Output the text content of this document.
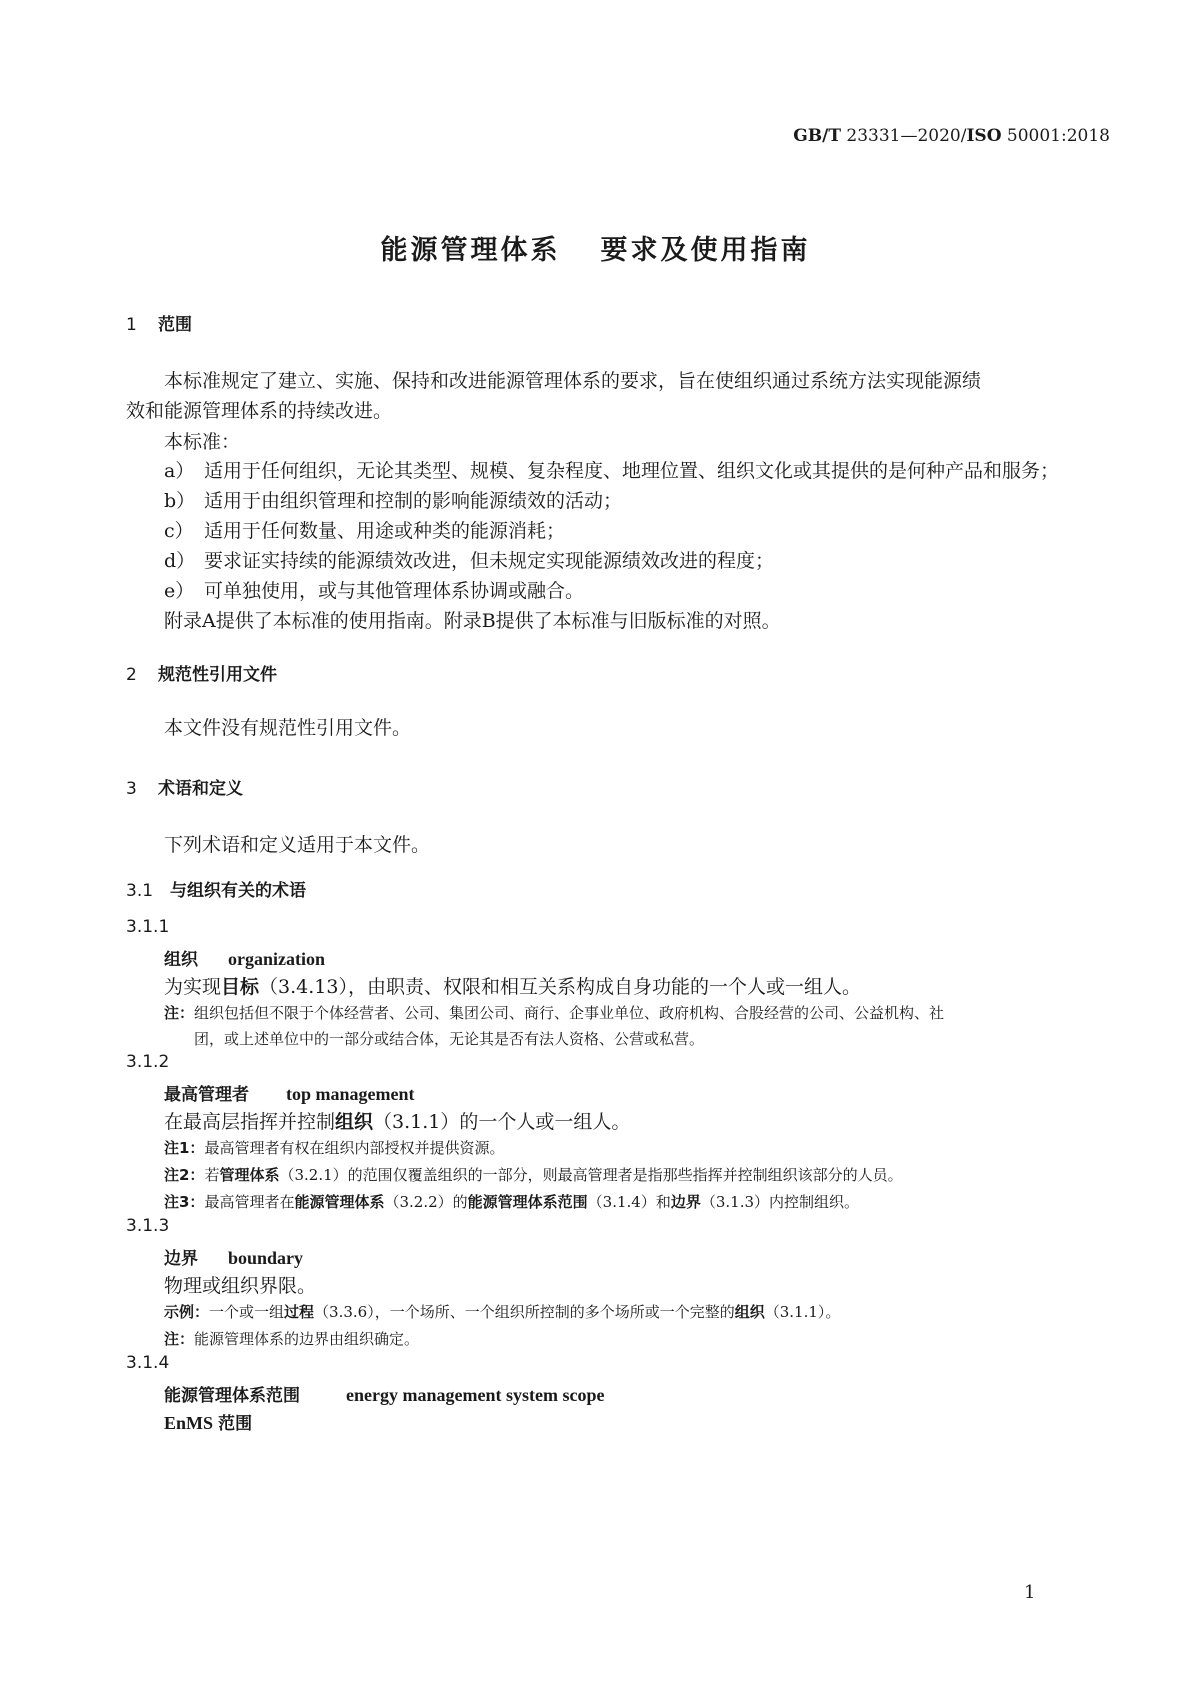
GB/T 23331—2020/ISO 50001:2018
能源管理体系 要求及使用指南
1 范围
本标准规定了建立、实施、保持和改进能源管理体系的要求，旨在使组织通过系统方法实现能源绩
效和能源管理体系的持续改进。
本标准：
a） 适用于任何组织，无论其类型、规模、复杂程度、地理位置、组织文化或其提供的是何种产品和服务；
b） 适用于由组织管理和控制的影响能源绩效的活动；
c） 适用于任何数量、用途或种类的能源消耗；
d） 要求证实持续的能源绩效改进，但未规定实现能源绩效改进的程度；
e） 可单独使用，或与其他管理体系协调或融合。
附录A提供了本标准的使用指南。附录B提供了本标准与旧版标准的对照。
2 规范性引用文件
本文件没有规范性引用文件。
3 术语和定义
下列术语和定义适用于本文件。
3.1 与组织有关的术语
3.1.1
组织 organization
为实现目标（3.4.13），由职责、权限和相互关系构成自身功能的一个人或一组人。
注：组织包括但不限于个体经营者、公司、集团公司、商行、企事业单位、政府机构、合股经营的公司、公益机构、社
团，或上述单位中的一部分或结合体，无论其是否有法人资格、公营或私营。
3.1.2
最高管理者 top management
在最高层指挥并控制组织（3.1.1）的一个人或一组人。
注1：最高管理者有权在组织内部授权并提供资源。
注2：若管理体系（3.2.1）的范围仅覆盖组织的一部分，则最高管理者是指那些指挥并控制组织该部分的人员。
注3：最高管理者在能源管理体系（3.2.2）的能源管理体系范围（3.1.4）和边界（3.1.3）内控制组织。
3.1.3
边界 boundary
物理或组织界限。
示例：一个或一组过程（3.3.6），一个场所、一个组织所控制的多个场所或一个完整的组织（3.1.1）。
注：能源管理体系的边界由组织确定。
3.1.4
能源管理体系范围	energy management system scope
EnMS 范围
1
